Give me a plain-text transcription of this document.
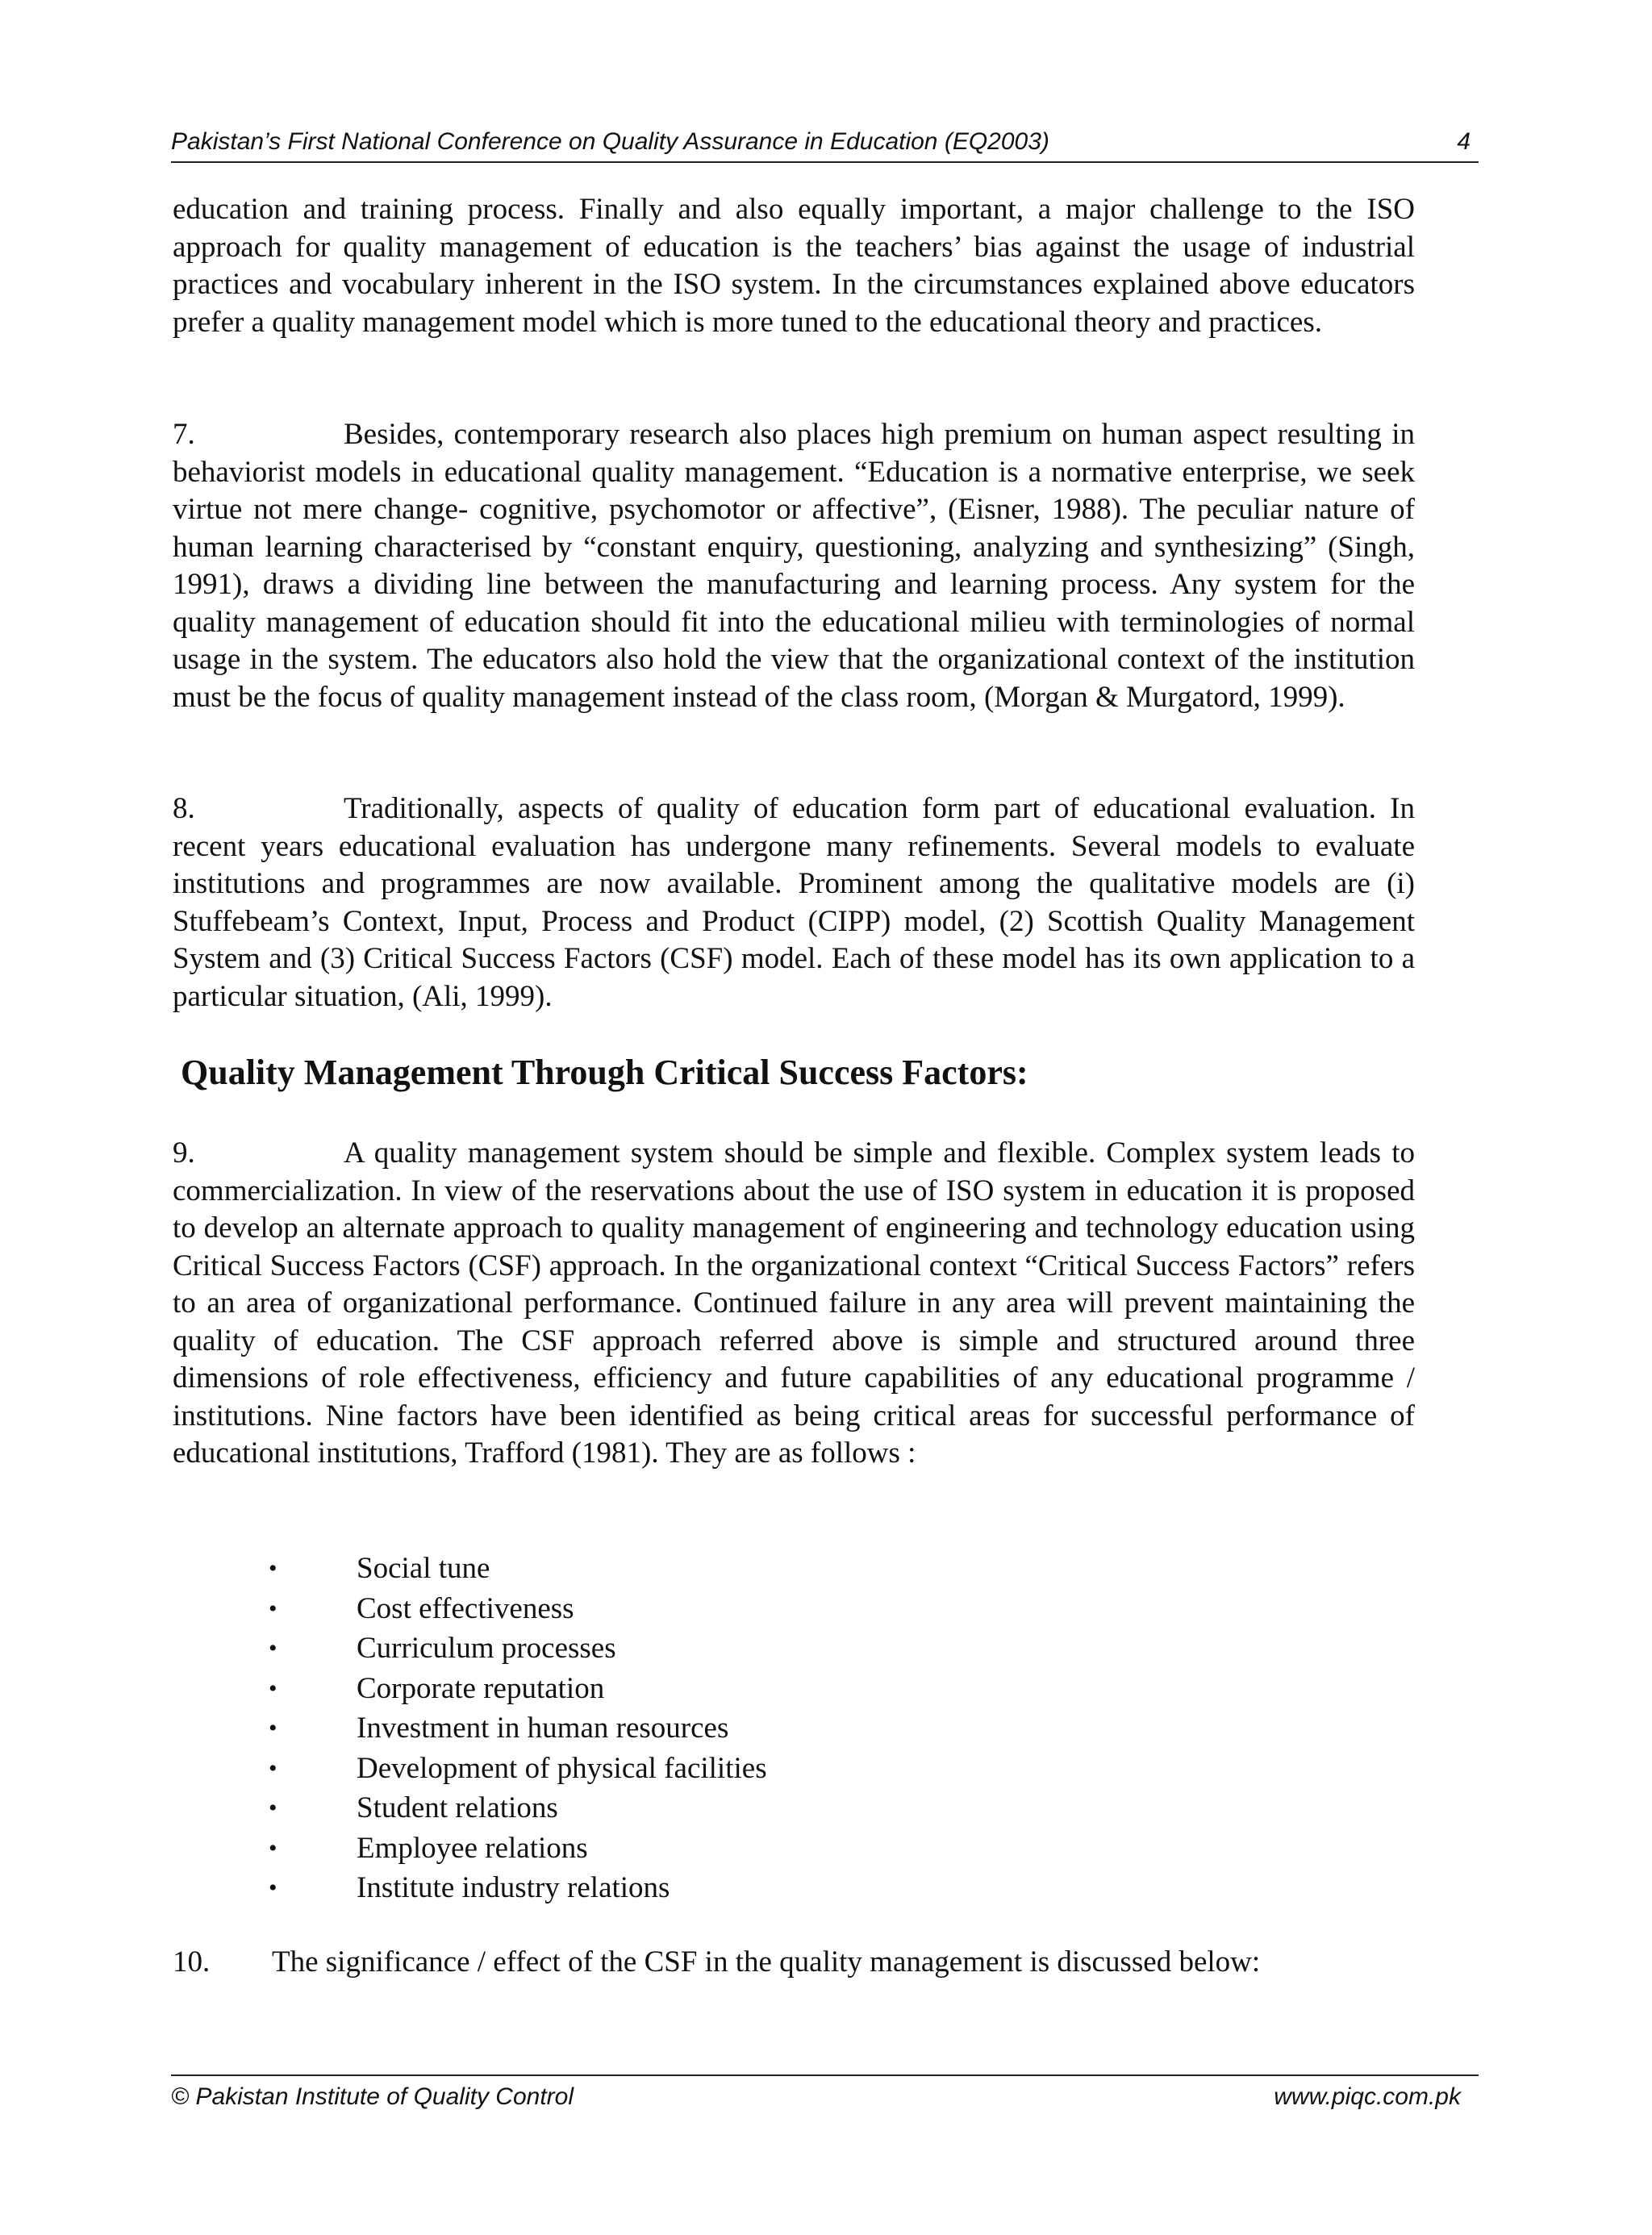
Pakistan’s First National Conference on Quality Assurance in Education (EQ2003)	4

education and training process. Finally and also equally important, a major challenge to the ISO approach for quality management of education is the teachers’ bias against the usage of industrial practices and vocabulary inherent in the ISO system. In the circumstances explained above educators prefer a quality management model which is more tuned to the educational theory and practices.

7.	Besides, contemporary research also places high premium on human aspect resulting in behaviorist models in educational quality management. “Education is a normative enterprise, we seek virtue not mere change- cognitive, psychomotor or affective”, (Eisner, 1988). The peculiar nature of human learning characterised by “constant enquiry, questioning, analyzing and synthesizing” (Singh, 1991), draws a dividing line between the manufacturing and learning process. Any system for the quality management of education should fit into the educational milieu with terminologies of normal usage in the system. The educators also hold the view that the organizational context of the institution must be the focus of quality management instead of the class room, (Morgan & Murgatord, 1999).

8.	Traditionally, aspects of quality of education form part of educational evaluation. In recent years educational evaluation has undergone many refinements. Several models to evaluate institutions and programmes are now available. Prominent among the qualitative models are (i) Stuffebeam’s Context, Input, Process and Product (CIPP) model, (2) Scottish Quality Management System and (3) Critical Success Factors (CSF) model. Each of these model has its own application to a particular situation, (Ali, 1999).

Quality Management Through Critical Success Factors:

9.	A quality management system should be simple and flexible. Complex system leads to commercialization. In view of the reservations about the use of ISO system in education it is proposed to develop an alternate approach to quality management of engineering and technology education using Critical Success Factors (CSF) approach. In the organizational context “Critical Success Factors” refers to an area of organizational performance. Continued failure in any area will prevent maintaining the quality of education. The CSF approach referred above is simple and structured around three dimensions of role effectiveness, efficiency and future capabilities of any educational programme / institutions. Nine factors have been identified as being critical areas for successful performance of educational institutions, Trafford (1981). They are as follows :

•	Social tune
•	Cost effectiveness
•	Curriculum processes
•	Corporate reputation
•	Investment in human resources
•	Development of physical facilities
•	Student relations
•	Employee relations
•	Institute industry relations

10. The significance / effect of the CSF in the quality management is discussed below:

© Pakistan Institute of Quality Control	www.piqc.com.pk
